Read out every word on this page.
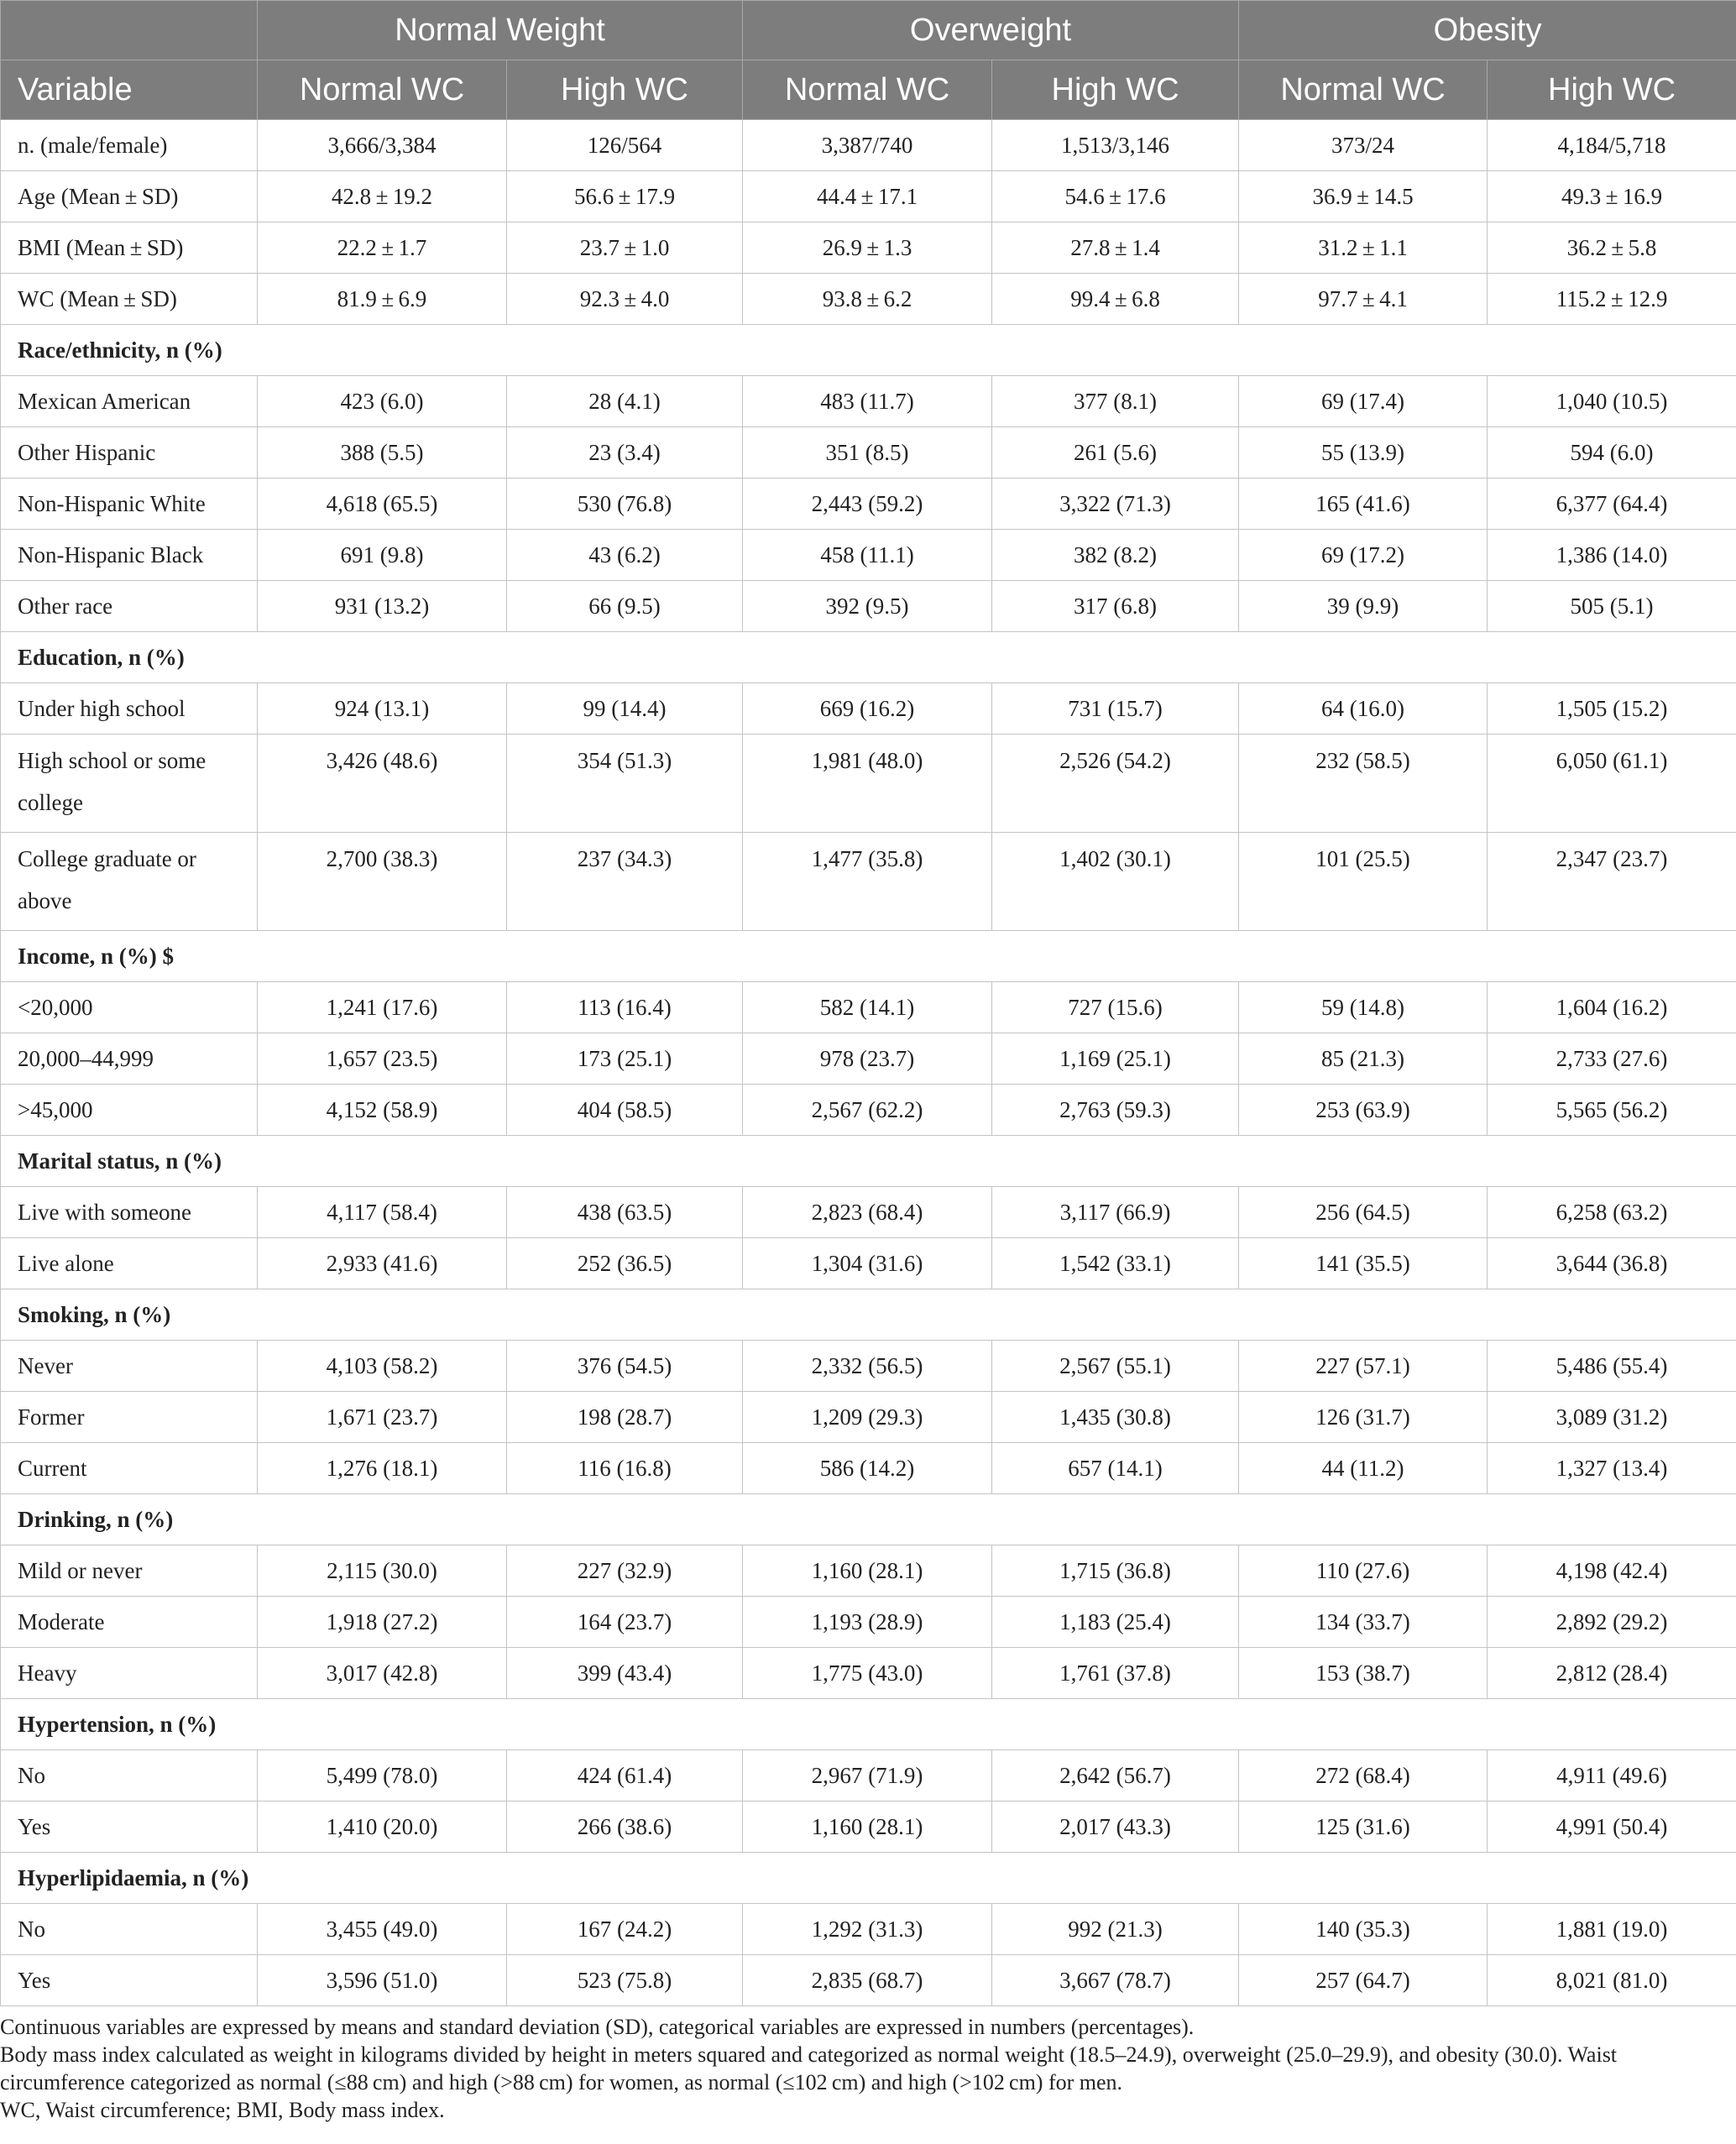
	Normal Weight		Overweight		Obesity	
Variable	Normal WC	High WC	Normal WC	High WC	Normal WC	High WC
n. (male/female)	3,666/3,384	126/564	3,387/740	1,513/3,146	373/24	4,184/5,718
Age (Mean ± SD)	42.8 ± 19.2	56.6 ± 17.9	44.4 ± 17.1	54.6 ± 17.6	36.9 ± 14.5	49.3 ± 16.9
BMI (Mean ± SD)	22.2 ± 1.7	23.7 ± 1.0	26.9 ± 1.3	27.8 ± 1.4	31.2 ± 1.1	36.2 ± 5.8
WC (Mean ± SD)	81.9 ± 6.9	92.3 ± 4.0	93.8 ± 6.2	99.4 ± 6.8	97.7 ± 4.1	115.2 ± 12.9
Race/ethnicity, n (%)						
Mexican American	423 (6.0)	28 (4.1)	483 (11.7)	377 (8.1)	69 (17.4)	1,040 (10.5)
Other Hispanic	388 (5.5)	23 (3.4)	351 (8.5)	261 (5.6)	55 (13.9)	594 (6.0)
Non-Hispanic White	4,618 (65.5)	530 (76.8)	2,443 (59.2)	3,322 (71.3)	165 (41.6)	6,377 (64.4)
Non-Hispanic Black	691 (9.8)	43 (6.2)	458 (11.1)	382 (8.2)	69 (17.2)	1,386 (14.0)
Other race	931 (13.2)	66 (9.5)	392 (9.5)	317 (6.8)	39 (9.9)	505 (5.1)
Education, n (%)						
Under high school	924 (13.1)	99 (14.4)	669 (16.2)	731 (15.7)	64 (16.0)	1,505 (15.2)
High school or some college	3,426 (48.6)	354 (51.3)	1,981 (48.0)	2,526 (54.2)	232 (58.5)	6,050 (61.1)
College graduate or above	2,700 (38.3)	237 (34.3)	1,477 (35.8)	1,402 (30.1)	101 (25.5)	2,347 (23.7)
Income, n (%) $						
<20,000	1,241 (17.6)	113 (16.4)	582 (14.1)	727 (15.6)	59 (14.8)	1,604 (16.2)
20,000–44,999	1,657 (23.5)	173 (25.1)	978 (23.7)	1,169 (25.1)	85 (21.3)	2,733 (27.6)
>45,000	4,152 (58.9)	404 (58.5)	2,567 (62.2)	2,763 (59.3)	253 (63.9)	5,565 (56.2)
Marital status, n (%)						
Live with someone	4,117 (58.4)	438 (63.5)	2,823 (68.4)	3,117 (66.9)	256 (64.5)	6,258 (63.2)
Live alone	2,933 (41.6)	252 (36.5)	1,304 (31.6)	1,542 (33.1)	141 (35.5)	3,644 (36.8)
Smoking, n (%)						
Never	4,103 (58.2)	376 (54.5)	2,332 (56.5)	2,567 (55.1)	227 (57.1)	5,486 (55.4)
Former	1,671 (23.7)	198 (28.7)	1,209 (29.3)	1,435 (30.8)	126 (31.7)	3,089 (31.2)
Current	1,276 (18.1)	116 (16.8)	586 (14.2)	657 (14.1)	44 (11.2)	1,327 (13.4)
Drinking, n (%)						
Mild or never	2,115 (30.0)	227 (32.9)	1,160 (28.1)	1,715 (36.8)	110 (27.6)	4,198 (42.4)
Moderate	1,918 (27.2)	164 (23.7)	1,193 (28.9)	1,183 (25.4)	134 (33.7)	2,892 (29.2)
Heavy	3,017 (42.8)	399 (43.4)	1,775 (43.0)	1,761 (37.8)	153 (38.7)	2,812 (28.4)
Hypertension, n (%)						
No	5,499 (78.0)	424 (61.4)	2,967 (71.9)	2,642 (56.7)	272 (68.4)	4,911 (49.6)
Yes	1,410 (20.0)	266 (38.6)	1,160 (28.1)	2,017 (43.3)	125 (31.6)	4,991 (50.4)
Hyperlipidaemia, n (%)						
No	3,455 (49.0)	167 (24.2)	1,292 (31.3)	992 (21.3)	140 (35.3)	1,881 (19.0)
Yes	3,596 (51.0)	523 (75.8)	2,835 (68.7)	3,667 (78.7)	257 (64.7)	8,021 (81.0)

Continuous variables are expressed by means and standard deviation (SD), categorical variables are expressed in numbers (percentages).

Body mass index calculated as weight in kilograms divided by height in meters squared and categorized as normal weight (18.5–24.9), overweight (25.0–29.9), and obesity (30.0). Waist circumference categorized as normal (≤88 cm) and high (>88 cm) for women, as normal (≤102 cm) and high (>102 cm) for men.

WC, Waist circumference; BMI, Body mass index.
